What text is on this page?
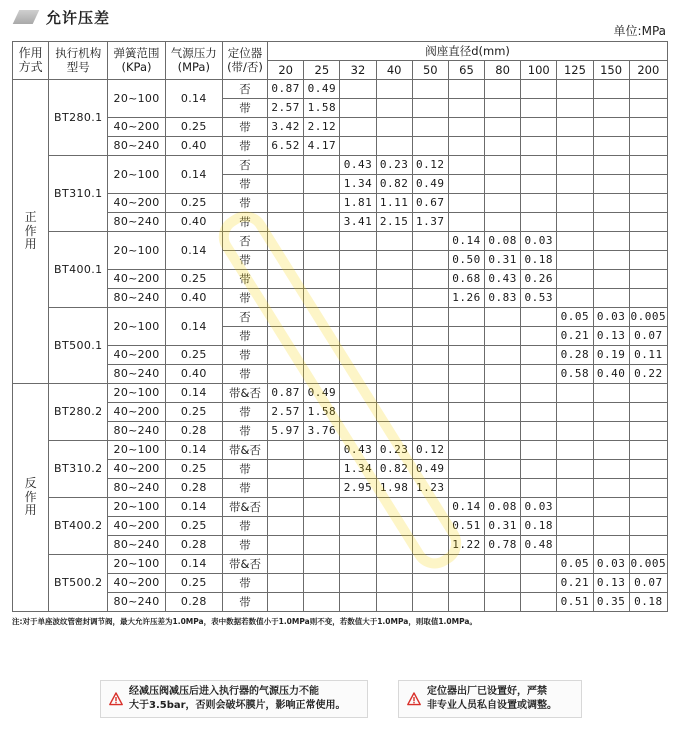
允许压差
单位:MPa
作用方式	执行机构型号	弹簧范围(KPa)	气源压力(MPa)	定位器(带/否)	阀座直径d(mm)										
					20	25	32	40	50	65	80	100	125	150	200
正作用	BT280.1	20~100	0.14	否	0.87	0.49									
				带	2.57	1.58									
		40~200	0.25	带	3.42	2.12									
		80~240	0.40	带	6.52	4.17									
	BT310.1	20~100	0.14	否			0.43	0.23	0.12						
				带			1.34	0.82	0.49						
		40~200	0.25	带			1.81	1.11	0.67						
		80~240	0.40	带			3.41	2.15	1.37						
	BT400.1	20~100	0.14	否						0.14	0.08	0.03			
				带						0.50	0.31	0.18			
		40~200	0.25	带						0.68	0.43	0.26			
		80~240	0.40	带						1.26	0.83	0.53			
	BT500.1	20~100	0.14	否									0.05	0.03	0.005
				带									0.21	0.13	0.07
		40~200	0.25	带									0.28	0.19	0.11
		80~240	0.40	带									0.58	0.40	0.22
反作用	BT280.2	20~100	0.14	带&否	0.87	0.49									
		40~200	0.25	带	2.57	1.58									
		80~240	0.28	带	5.97	3.76									
	BT310.2	20~100	0.14	带&否			0.43	0.23	0.12						
		40~200	0.25	带			1.34	0.82	0.49						
		80~240	0.28	带			2.95	1.98	1.23						
	BT400.2	20~100	0.14	带&否						0.14	0.08	0.03			
		40~200	0.25	带						0.51	0.31	0.18			
		80~240	0.28	带						1.22	0.78	0.48			
	BT500.2	20~100	0.14	带&否									0.05	0.03	0.005
		40~200	0.25	带									0.21	0.13	0.07
		80~240	0.28	带									0.51	0.35	0.18
注:对于单座波纹管密封调节阀，最大允许压差为1.0MPa，表中数据若数值小于1.0MPa则不变，若数值大于1.0MPa，则取值1.0MPa。
经减压阀减压后进入执行器的气源压力不能
大于3.5bar，否则会破坏膜片，影响正常使用。
定位器出厂已设置好，严禁
非专业人员私自设置或调整。
